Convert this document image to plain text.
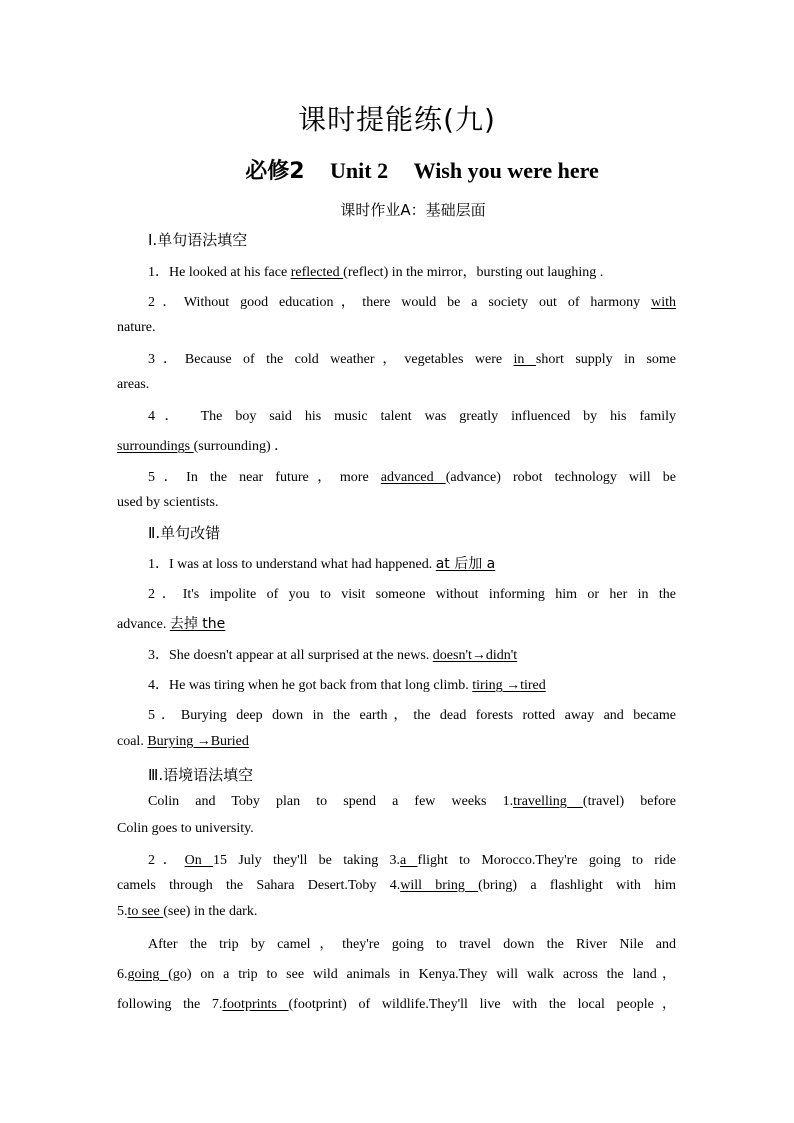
课时提能练(九)
必修2 Unit 2 Wish you were here
课时作业A：基础层面
Ⅰ.单句语法填空
1．He looked at his face reflected (reflect) in the mirror，bursting out laughing .
2．Without good education，there would be a society out of harmony with
nature.
3．Because of the cold weather，vegetables were in short supply in some
areas.
4． The boy said his music talent was greatly influenced by his family
surroundings (surrounding) ．
5．In the near future，more advanced (advance) robot technology will be
used by scientists.
Ⅱ.单句改错
1．I was at loss to understand what had happened. at 后加 a
2．It's impolite of you to visit someone without informing him or her in the
advance. 去掉 the
3．She doesn't appear at all surprised at the news. doesn't→didn't
4．He was tiring when he got back from that long climb. tiring →tired
5．Burying deep down in the earth，the dead forests rotted away and became
coal. Burying →Buried
Ⅲ.语境语法填空
Colin and Toby plan to spend a few weeks 1.travelling (travel) before
Colin goes to university.
2．On 15 July they'll be taking 3.a flight to Morocco.They're going to ride
camels through the Sahara Desert.Toby 4.will bring (bring) a flashlight with him
5.to see (see) in the dark.
After the trip by camel，they're going to travel down the River Nile and
6.going (go) on a trip to see wild animals in Kenya.They will walk across the land，
following the 7.footprints (footprint) of wildlife.They'll live with the local people，
